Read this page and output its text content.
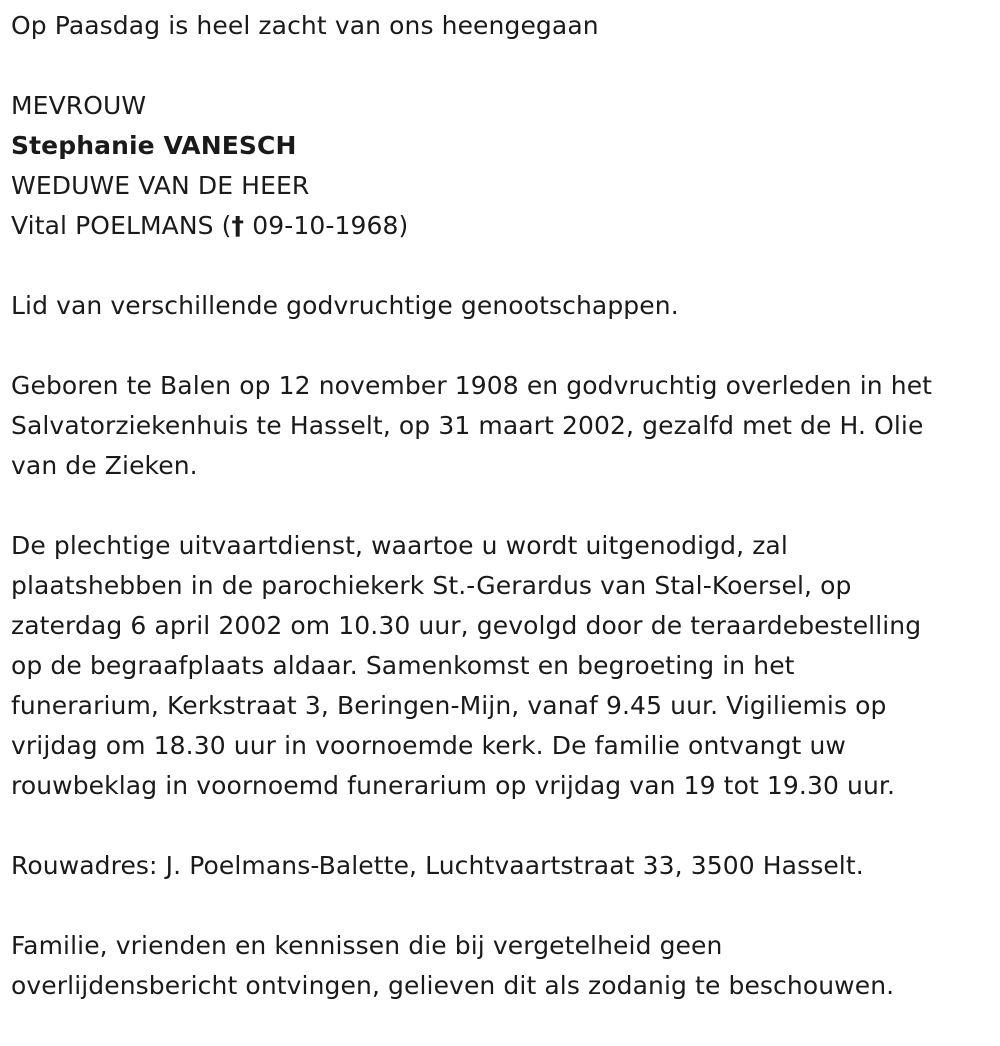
Op Paasdag is heel zacht van ons heengegaan
MEVROUW
Stephanie VANESCH
WEDUWE VAN DE HEER
Vital POELMANS († 09-10-1968)
Lid van verschillende godvruchtige genootschappen.
Geboren te Balen op 12 november 1908 en godvruchtig overleden in het
Salvatorziekenhuis te Hasselt, op 31 maart 2002, gezalfd met de H. Olie
van de Zieken.
De plechtige uitvaartdienst, waartoe u wordt uitgenodigd, zal
plaatshebben in de parochiekerk St.-Gerardus van Stal-Koersel, op
zaterdag 6 april 2002 om 10.30 uur, gevolgd door de teraardebestelling
op de begraafplaats aldaar. Samenkomst en begroeting in het
funerarium, Kerkstraat 3, Beringen-Mijn, vanaf 9.45 uur. Vigiliemis op
vrijdag om 18.30 uur in voornoemde kerk. De familie ontvangt uw
rouwbeklag in voornoemd funerarium op vrijdag van 19 tot 19.30 uur.
Rouwadres: J. Poelmans-Balette, Luchtvaartstraat 33, 3500 Hasselt.
Familie, vrienden en kennissen die bij vergetelheid geen
overlijdensbericht ontvingen, gelieven dit als zodanig te beschouwen.
